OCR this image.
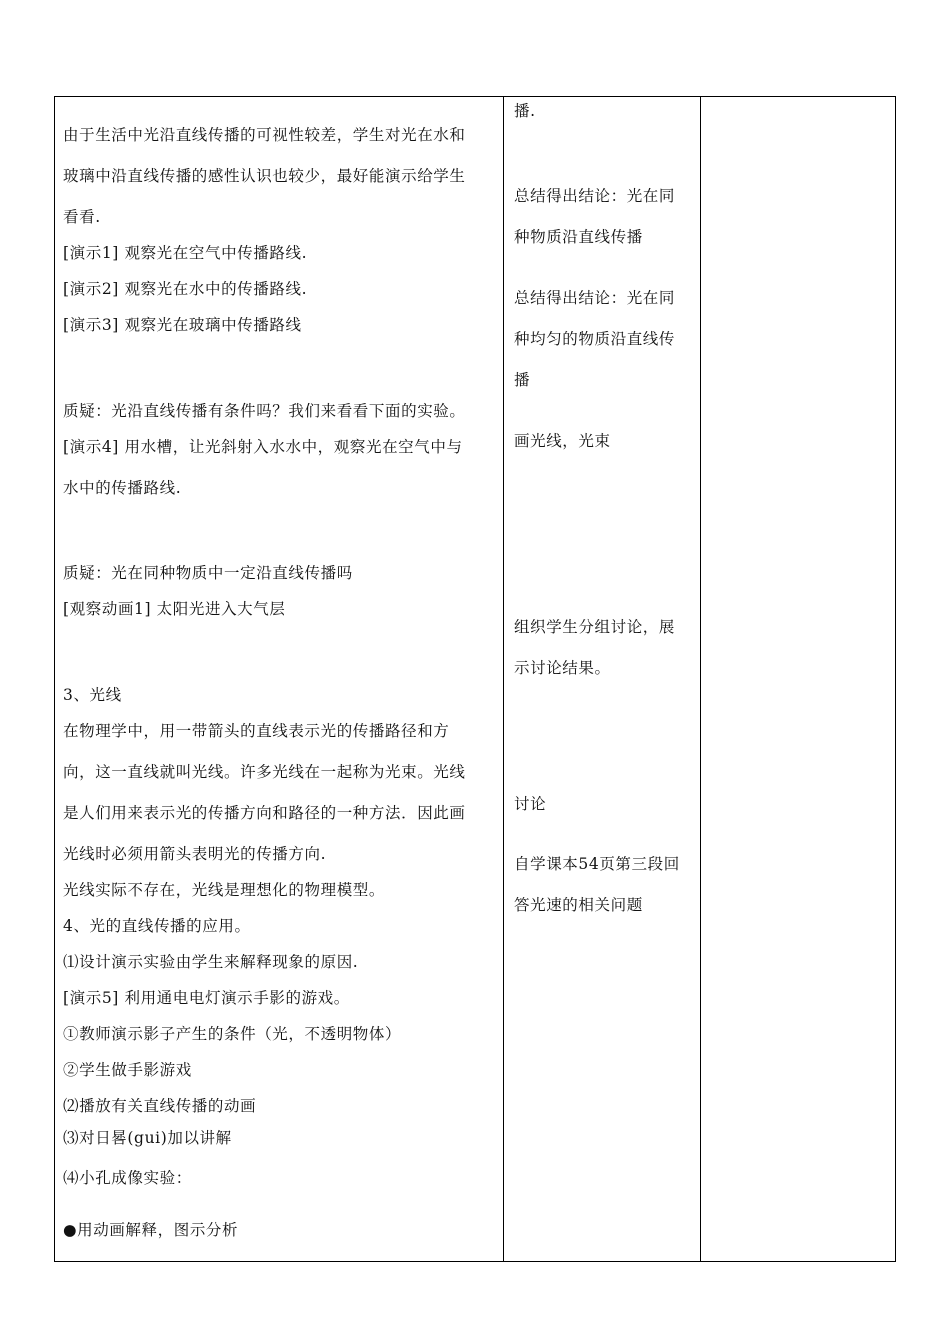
由于生活中光沿直线传播的可视性较差，学生对光在水和
玻璃中沿直线传播的感性认识也较少，最好能演示给学生
看看.
[演示1] 观察光在空气中传播路线.
[演示2] 观察光在水中的传播路线.
[演示3] 观察光在玻璃中传播路线
质疑：光沿直线传播有条件吗？我们来看看下面的实验。
[演示4] 用水槽，让光斜射入水水中，观察光在空气中与
水中的传播路线.
质疑：光在同种物质中一定沿直线传播吗
[观察动画1] 太阳光进入大气层
3、光线
在物理学中，用一带箭头的直线表示光的传播路径和方
向，这一直线就叫光线。许多光线在一起称为光束。光线
是人们用来表示光的传播方向和路径的一种方法．因此画
光线时必须用箭头表明光的传播方向.
光线实际不存在，光线是理想化的物理模型。
4、光的直线传播的应用。
⑴设计演示实验由学生来解释现象的原因.
[演示5] 利用通电电灯演示手影的游戏。
①教师演示影子产生的条件（光，不透明物体）
②学生做手影游戏
⑵播放有关直线传播的动画
⑶对日晷(gui)加以讲解
⑷小孔成像实验：
●用动画解释，图示分析
播.
总结得出结论：光在同
种物质沿直线传播
总结得出结论：光在同
种均匀的物质沿直线传
播
画光线，光束
组织学生分组讨论，展
示讨论结果。
讨论
自学课本54页第三段回
答光速的相关问题
